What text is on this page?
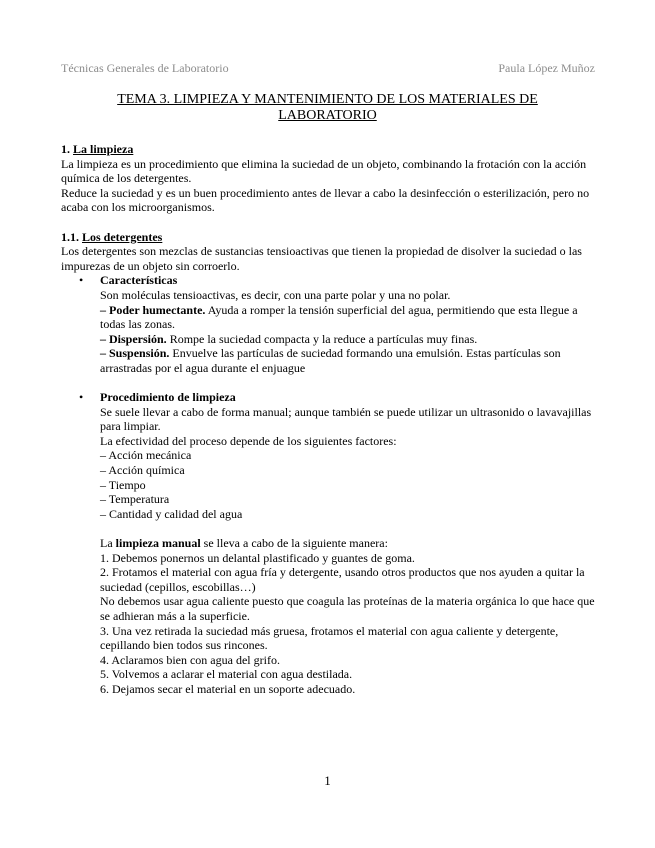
Técnicas Generales de Laboratorio	Paula López Muñoz
TEMA 3. LIMPIEZA Y MANTENIMIENTO DE LOS MATERIALES DE
LABORATORIO

1. La limpieza

La limpieza es un procedimiento que elimina la suciedad de un objeto, combinando la frotación con la acción química de los detergentes.

Reduce la suciedad y es un buen procedimiento antes de llevar a cabo la desinfección o esterilización, pero no acaba con los microorganismos.

1.1. Los detergentes

Los detergentes son mezclas de sustancias tensioactivas que tienen la propiedad de disolver la suciedad o las impurezas de un objeto sin corroerlo.

• Características

Son moléculas tensioactivas, es decir, con una parte polar y una no polar.

– Poder humectante. Ayuda a romper la tensión superficial del agua, permitiendo que esta llegue a todas las zonas.

– Dispersión. Rompe la suciedad compacta y la reduce a partículas muy finas.

– Suspensión. Envuelve las partículas de suciedad formando una emulsión. Estas partículas son arrastradas por el agua durante el enjuague

• Procedimiento de limpieza

Se suele llevar a cabo de forma manual; aunque también se puede utilizar un ultrasonido o lavavajillas para limpiar.

La efectividad del proceso depende de los siguientes factores:

– Acción mecánica

– Acción química

– Tiempo

– Temperatura

– Cantidad y calidad del agua

La limpieza manual se lleva a cabo de la siguiente manera:

1. Debemos ponernos un delantal plastificado y guantes de goma.

2. Frotamos el material con agua fría y detergente, usando otros productos que nos ayuden a quitar la suciedad (cepillos, escobillas…)

No debemos usar agua caliente puesto que coagula las proteínas de la materia orgánica lo que hace que se adhieran más a la superficie.

3. Una vez retirada la suciedad más gruesa, frotamos el material con agua caliente y detergente, cepillando bien todos sus rincones.

4. Aclaramos bien con agua del grifo.

5. Volvemos a aclarar el material con agua destilada.

6. Dejamos secar el material en un soporte adecuado.

1
